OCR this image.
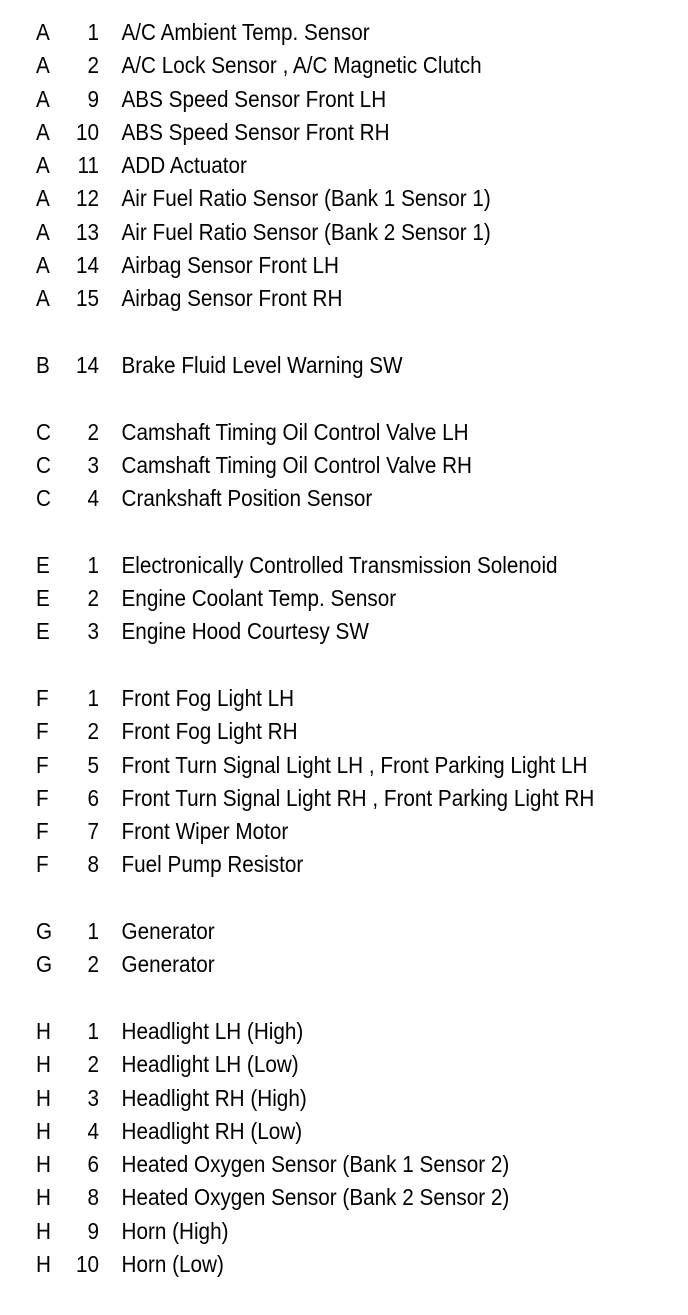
A	1 A/C Ambient Temp. Sensor
A	2 A/C Lock Sensor , A/C Magnetic Clutch
A	9 ABS Speed Sensor Front LH
A	10 ABS Speed Sensor Front RH
A	11 ADD Actuator
A	12 Air Fuel Ratio Sensor (Bank 1 Sensor 1)
A	13 Air Fuel Ratio Sensor (Bank 2 Sensor 1)
A	14 Airbag Sensor Front LH
A	15 Airbag Sensor Front RH
B	14 Brake Fluid Level Warning SW
C	2 Camshaft Timing Oil Control Valve LH
C	3 Camshaft Timing Oil Control Valve RH
C	4 Crankshaft Position Sensor
E	1 Electronically Controlled Transmission Solenoid
E	2 Engine Coolant Temp. Sensor
E	3 Engine Hood Courtesy SW
F	1 Front Fog Light LH
F	2 Front Fog Light RH
F	5 Front Turn Signal Light LH , Front Parking Light LH
F	6 Front Turn Signal Light RH , Front Parking Light RH
F	7 Front Wiper Motor
F	8 Fuel Pump Resistor
G	1 Generator
G	2 Generator
H	1 Headlight LH (High)
H	2 Headlight LH (Low)
H	3 Headlight RH (High)
H	4 Headlight RH (Low)
H	6 Heated Oxygen Sensor (Bank 1 Sensor 2)
H	8 Heated Oxygen Sensor (Bank 2 Sensor 2)
H	9 Horn (High)
H	10 Horn (Low)
